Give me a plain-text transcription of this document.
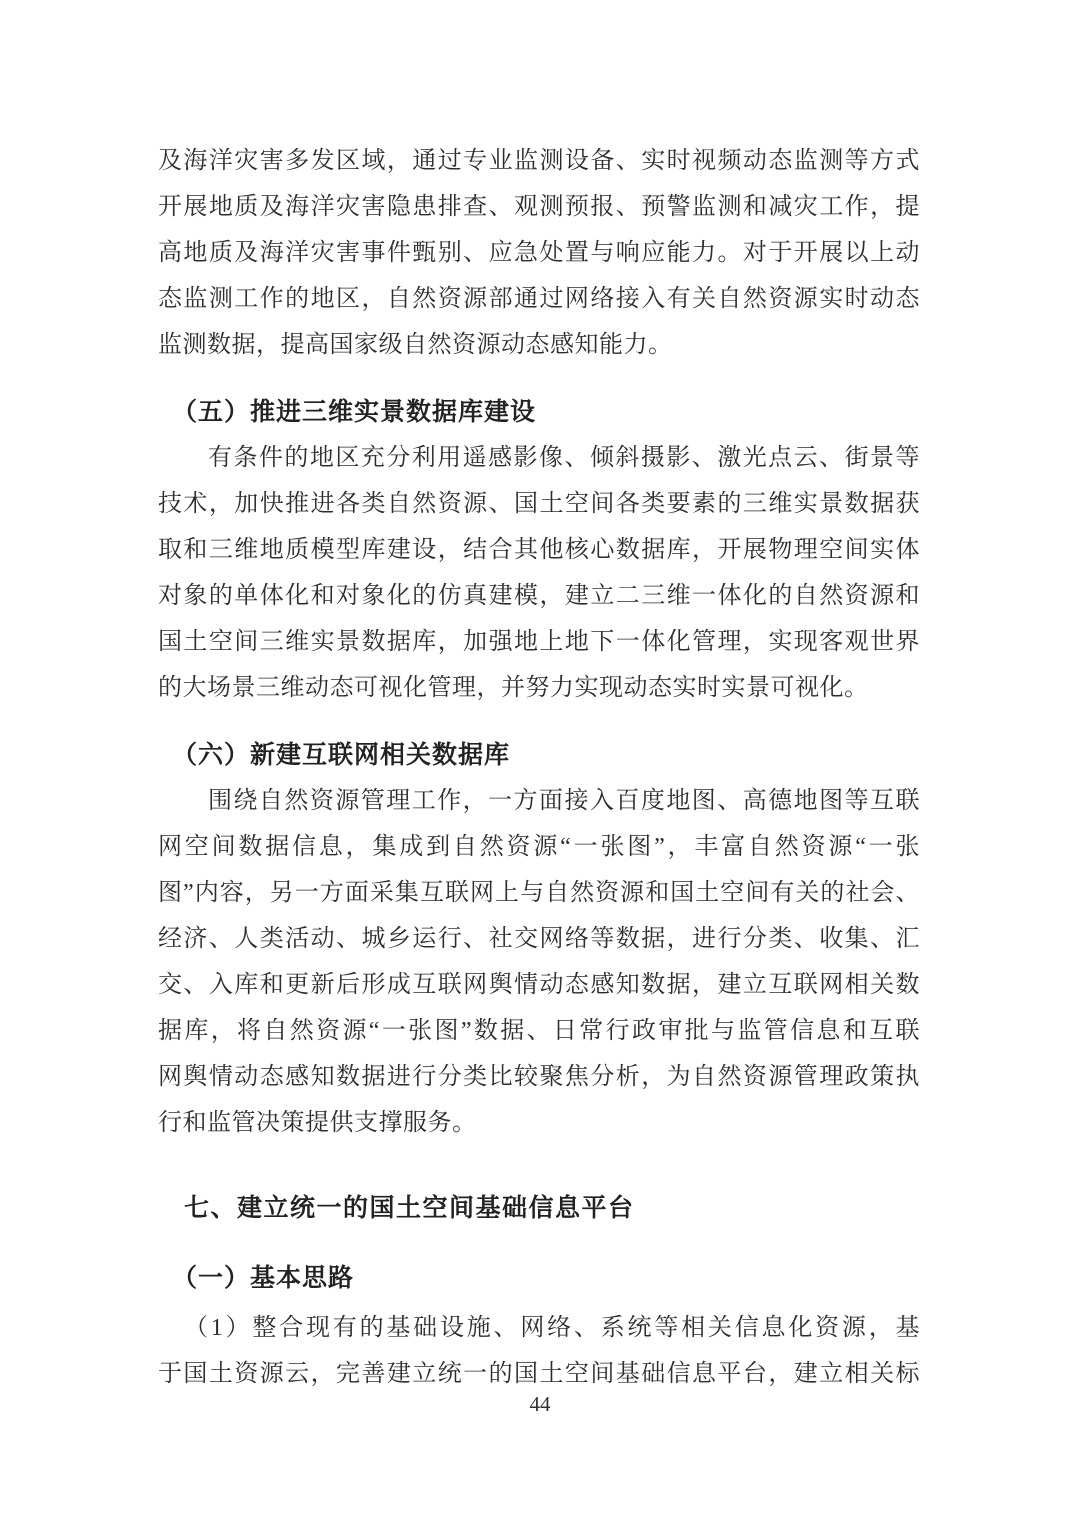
及海洋灾害多发区域，通过专业监测设备、实时视频动态监测等方式
开展地质及海洋灾害隐患排查、观测预报、预警监测和减灾工作，提
高地质及海洋灾害事件甄别、应急处置与响应能力。对于开展以上动
态监测工作的地区，自然资源部通过网络接入有关自然资源实时动态
监测数据，提高国家级自然资源动态感知能力。
（五）推进三维实景数据库建设
有条件的地区充分利用遥感影像、倾斜摄影、激光点云、街景等
技术，加快推进各类自然资源、国土空间各类要素的三维实景数据获
取和三维地质模型库建设，结合其他核心数据库，开展物理空间实体
对象的单体化和对象化的仿真建模，建立二三维一体化的自然资源和
国土空间三维实景数据库，加强地上地下一体化管理，实现客观世界
的大场景三维动态可视化管理，并努力实现动态实时实景可视化。
（六）新建互联网相关数据库
围绕自然资源管理工作，一方面接入百度地图、高德地图等互联
网空间数据信息，集成到自然资源“一张图”，丰富自然资源“一张
图”内容，另一方面采集互联网上与自然资源和国土空间有关的社会、
经济、人类活动、城乡运行、社交网络等数据，进行分类、收集、汇
交、入库和更新后形成互联网舆情动态感知数据，建立互联网相关数
据库，将自然资源“一张图”数据、日常行政审批与监管信息和互联
网舆情动态感知数据进行分类比较聚焦分析，为自然资源管理政策执
行和监管决策提供支撑服务。
七、建立统一的国土空间基础信息平台
（一）基本思路
（1）整合现有的基础设施、网络、系统等相关信息化资源，基
于国土资源云，完善建立统一的国土空间基础信息平台，建立相关标
44
